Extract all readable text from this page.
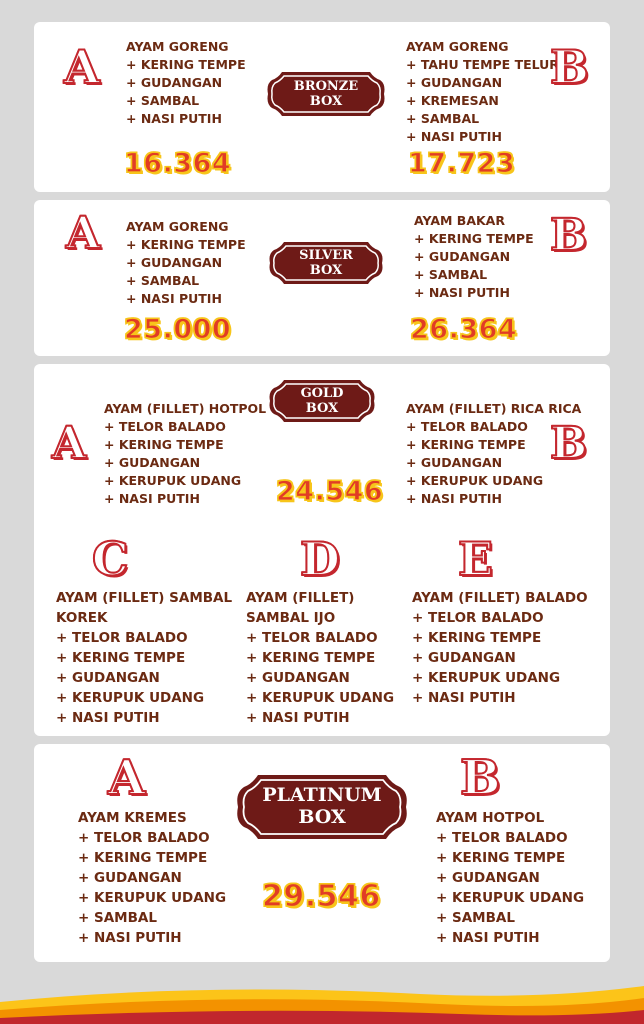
A AYAM GORENG
+ KERING TEMPE
+ GUDANGAN
+ SAMBAL
+ NASI PUTIH
16.364
BRONZE
BOX
AYAM GORENG
+ TAHU TEMPE TELUR
+ GUDANGAN
+ KREMESAN
+ SAMBAL
+ NASI PUTIH
B
17.723
A AYAM GORENG
+ KERING TEMPE
+ GUDANGAN
+ SAMBAL
+ NASI PUTIH
25.000
SILVER
BOX
AYAM BAKAR
+ KERING TEMPE
+ GUDANGAN
+ SAMBAL
+ NASI PUTIH
B
26.364
GOLD
BOX
A
AYAM (FILLET) HOTPOL
+ TELOR BALADO
+ KERING TEMPE
+ GUDANGAN
+ KERUPUK UDANG
+ NASI PUTIH	24.546
AYAM (FILLET) RICA RICA
+ TELOR BALADO
+ KERING TEMPE
+ GUDANGAN
+ KERUPUK UDANG
+ NASI PUTIH
B
C
AYAM (FILLET) SAMBAL
KOREK
+ TELOR BALADO
+ KERING TEMPE
+ GUDANGAN
+ KERUPUK UDANG
+ NASI PUTIH
D
AYAM (FILLET)
SAMBAL IJO
+ TELOR BALADO
+ KERING TEMPE
+ GUDANGAN
+ KERUPUK UDANG
+ NASI PUTIH
E
AYAM (FILLET) BALADO
+ TELOR BALADO
+ KERING TEMPE
+ GUDANGAN
+ KERUPUK UDANG
+ NASI PUTIH
A
AYAM KREMES
+ TELOR BALADO
+ KERING TEMPE
+ GUDANGAN
+ KERUPUK UDANG
+ SAMBAL
+ NASI PUTIH
PLATINUM
BOX
29.546
B
AYAM HOTPOL
+ TELOR BALADO
+ KERING TEMPE
+ GUDANGAN
+ KERUPUK UDANG
+ SAMBAL
+ NASI PUTIH
